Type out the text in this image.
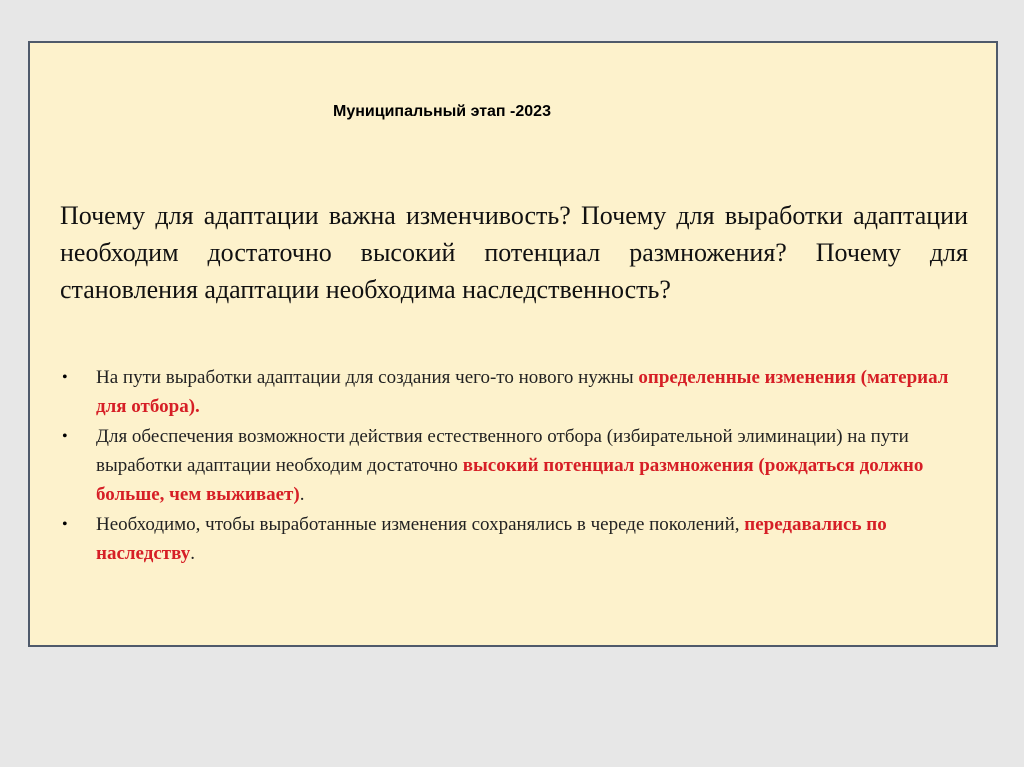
Муниципальный этап -2023
Почему для адаптации важна изменчивость? Почему для выработки адаптации необходим достаточно высокий потенциал размножения? Почему для становления адаптации необходима наследственность?
• На пути выработки адаптации для создания чего-то нового нужны определенные изменения (материал для отбора).
• Для обеспечения возможности действия естественного отбора (избирательной элиминации) на пути выработки адаптации необходим достаточно высокий потенциал размножения (рождаться должно больше, чем выживает).
• Необходимо, чтобы выработанные изменения сохранялись в череде поколений, передавались по наследству.
